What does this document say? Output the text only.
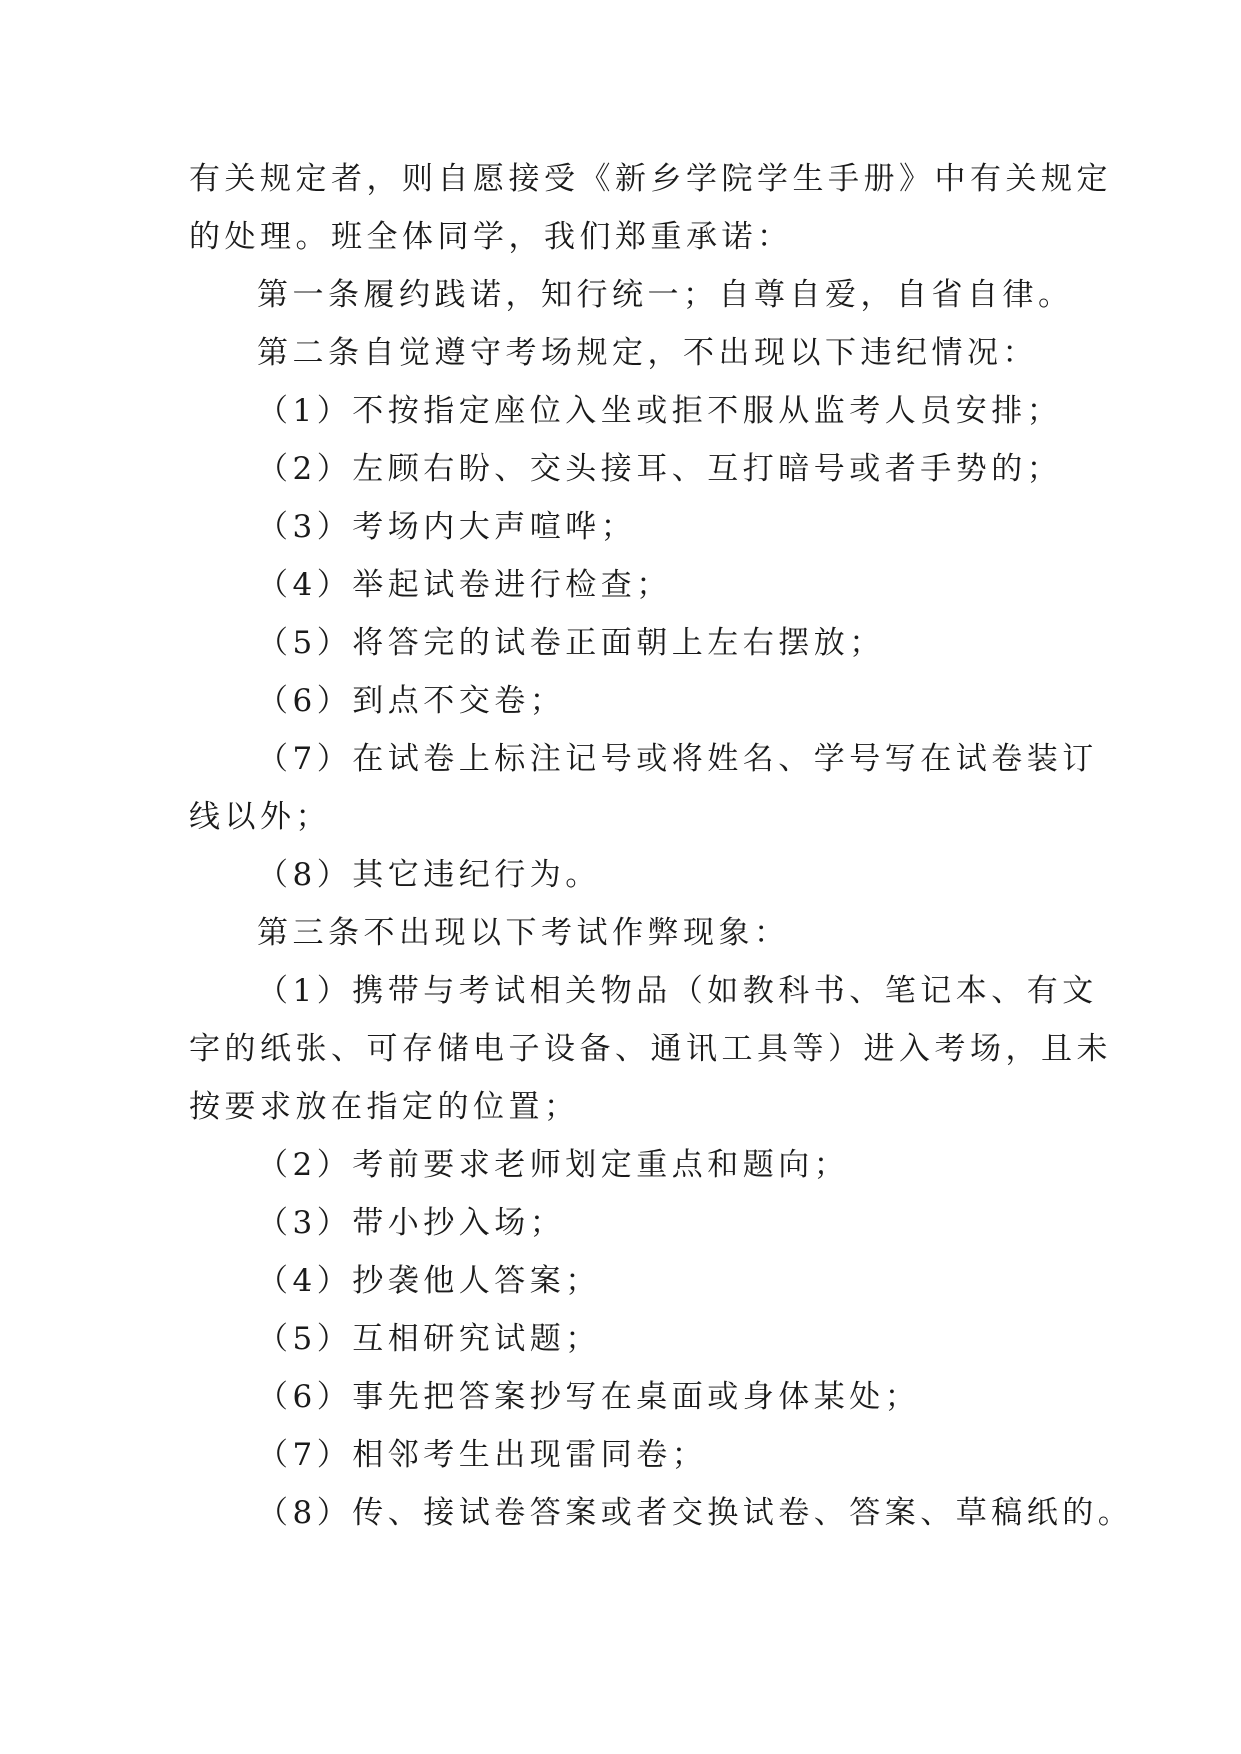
有关规定者，则自愿接受《新乡学院学生手册》中有关规定
的处理。班全体同学，我们郑重承诺：
第一条履约践诺，知行统一；自尊自爱，自省自律。
第二条自觉遵守考场规定，不出现以下违纪情况：
（1）不按指定座位入坐或拒不服从监考人员安排；
（2）左顾右盼、交头接耳、互打暗号或者手势的；
（3）考场内大声喧哗；
（4）举起试卷进行检查；
（5）将答完的试卷正面朝上左右摆放；
（6）到点不交卷；
（7）在试卷上标注记号或将姓名、学号写在试卷装订
线以外；
（8）其它违纪行为。
第三条不出现以下考试作弊现象：
（1）携带与考试相关物品（如教科书、笔记本、有文
字的纸张、可存储电子设备、通讯工具等）进入考场，且未
按要求放在指定的位置；
（2）考前要求老师划定重点和题向；
（3）带小抄入场；
（4）抄袭他人答案；
（5）互相研究试题；
（6）事先把答案抄写在桌面或身体某处；
（7）相邻考生出现雷同卷；
（8）传、接试卷答案或者交换试卷、答案、草稿纸的。
